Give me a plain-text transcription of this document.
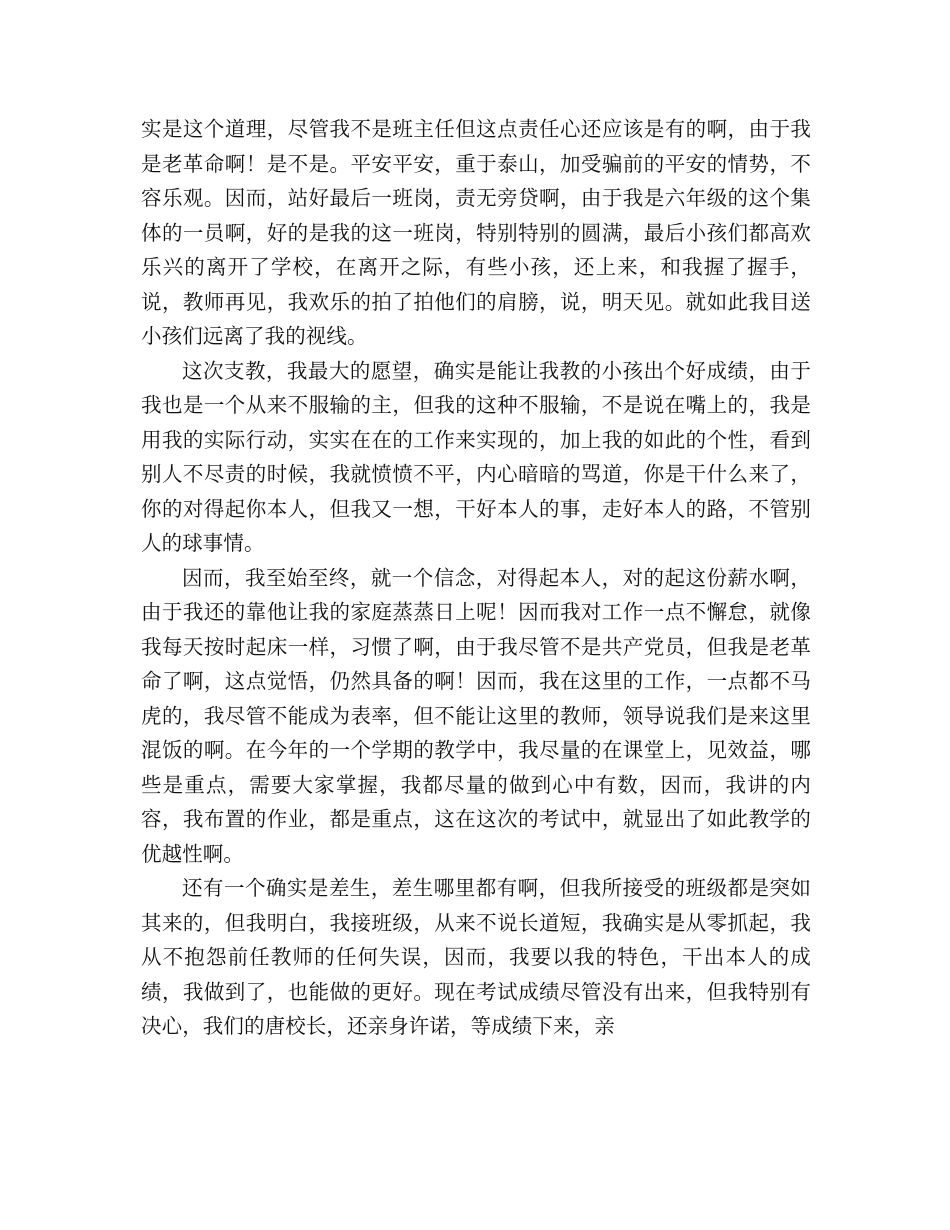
实是这个道理，尽管我不是班主任但这点责任心还应该是有的啊，由于我是老革命啊！是不是。平安平安，重于泰山，加受骗前的平安的情势，不容乐观。因而，站好最后一班岗，责无旁贷啊，由于我是六年级的这个集体的一员啊，好的是我的这一班岗，特别特别的圆满，最后小孩们都高欢乐兴的离开了学校，在离开之际，有些小孩，还上来，和我握了握手，说，教师再见，我欢乐的拍了拍他们的肩膀，说，明天见。就如此我目送小孩们远离了我的视线。

这次支教，我最大的愿望，确实是能让我教的小孩出个好成绩，由于我也是一个从来不服输的主，但我的这种不服输，不是说在嘴上的，我是用我的实际行动，实实在在的工作来实现的，加上我的如此的个性，看到别人不尽责的时候，我就愤愤不平，内心暗暗的骂道，你是干什么来了，你的对得起你本人，但我又一想，干好本人的事，走好本人的路，不管别人的球事情。

因而，我至始至终，就一个信念，对得起本人，对的起这份薪水啊，由于我还的靠他让我的家庭蒸蒸日上呢！因而我对工作一点不懈怠，就像我每天按时起床一样，习惯了啊，由于我尽管不是共产党员，但我是老革命了啊，这点觉悟，仍然具备的啊！因而，我在这里的工作，一点都不马虎的，我尽管不能成为表率，但不能让这里的教师，领导说我们是来这里混饭的啊。在今年的一个学期的教学中，我尽量的在课堂上，见效益，哪些是重点，需要大家掌握，我都尽量的做到心中有数，因而，我讲的内容，我布置的作业，都是重点，这在这次的考试中，就显出了如此教学的优越性啊。

还有一个确实是差生，差生哪里都有啊，但我所接受的班级都是突如其来的，但我明白，我接班级，从来不说长道短，我确实是从零抓起，我从不抱怨前任教师的任何失误，因而，我要以我的特色，干出本人的成绩，我做到了，也能做的更好。现在考试成绩尽管没有出来，但我特别有决心，我们的唐校长，还亲身许诺，等成绩下来，亲
